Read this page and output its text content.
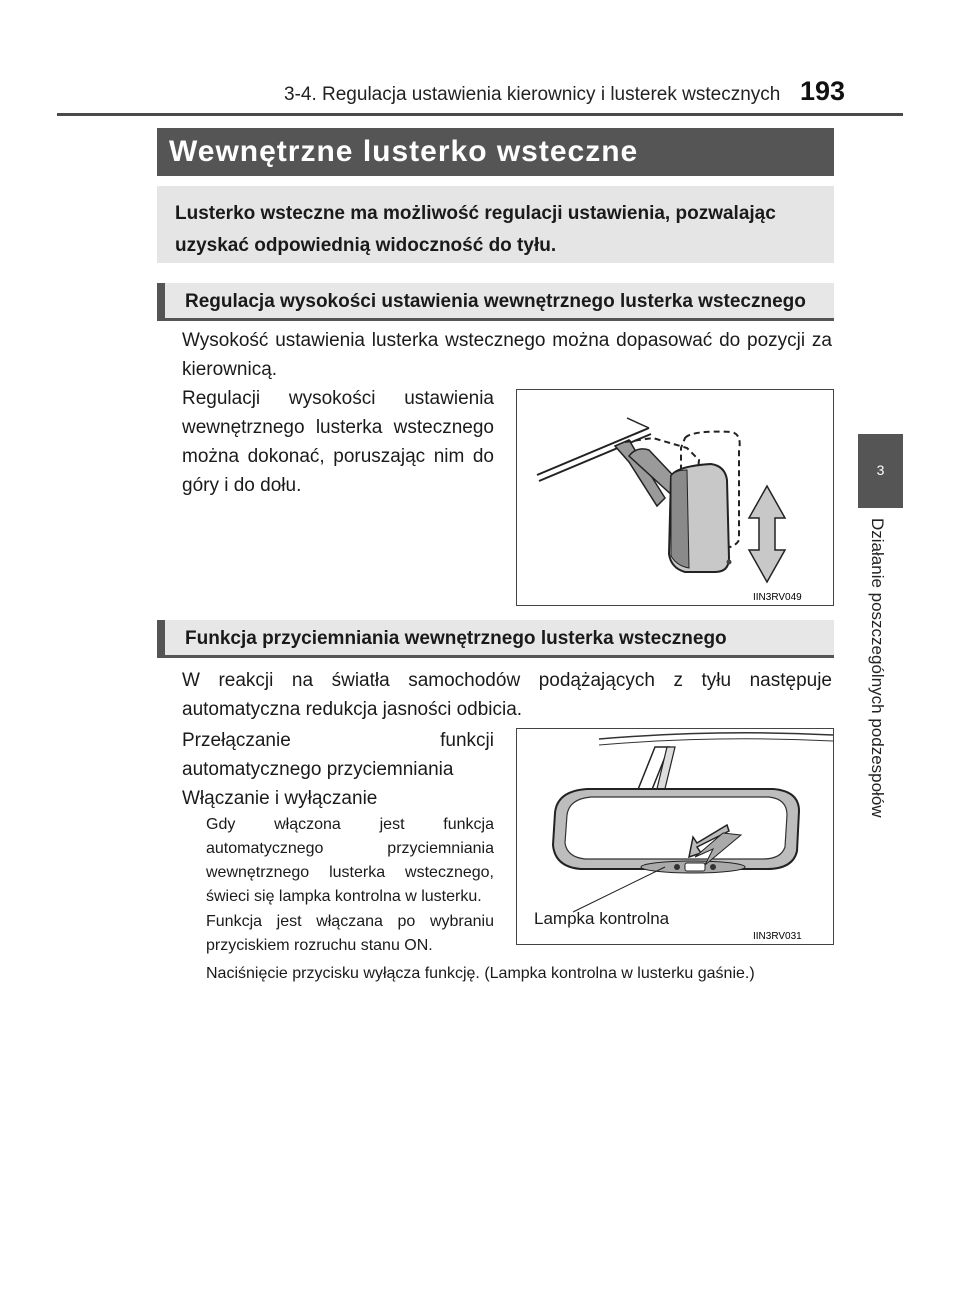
3-4. Regulacja ustawienia kierownicy i lusterek wstecznych 193
3
Działanie poszczególnych podzespołów
Wewnętrzne lusterko wsteczne
Lusterko wsteczne ma możliwość regulacji ustawienia, pozwalając uzyskać odpowiednią widoczność do tyłu.
Regulacja wysokości ustawienia wewnętrznego lusterka wstecznego
Wysokość ustawienia lusterka wstecznego można dopasować do pozycji za kierownicą.
Regulacji wysokości ustawienia wewnętrznego lusterka wstecznego można dokonać, poruszając nim do góry i do dołu.
IIN3RV049
Funkcja przyciemniania wewnętrznego lusterka wstecznego
W reakcji na światła samochodów podążających z tyłu następuje automatyczna redukcja jasności odbicia.
Przełączanie funkcji automatycznego przyciemniania
Włączanie i wyłączanie
Gdy włączona jest funkcja automatycznego przyciemniania wewnętrznego lusterka wstecznego, świeci się lampka kontrolna w lusterku.
Funkcja jest włączana po wybraniu przyciskiem rozruchu stanu ON.
Naciśnięcie przycisku wyłącza funkcję. (Lampka kontrolna w lusterku gaśnie.)
Lampka kontrolna
IIN3RV031
